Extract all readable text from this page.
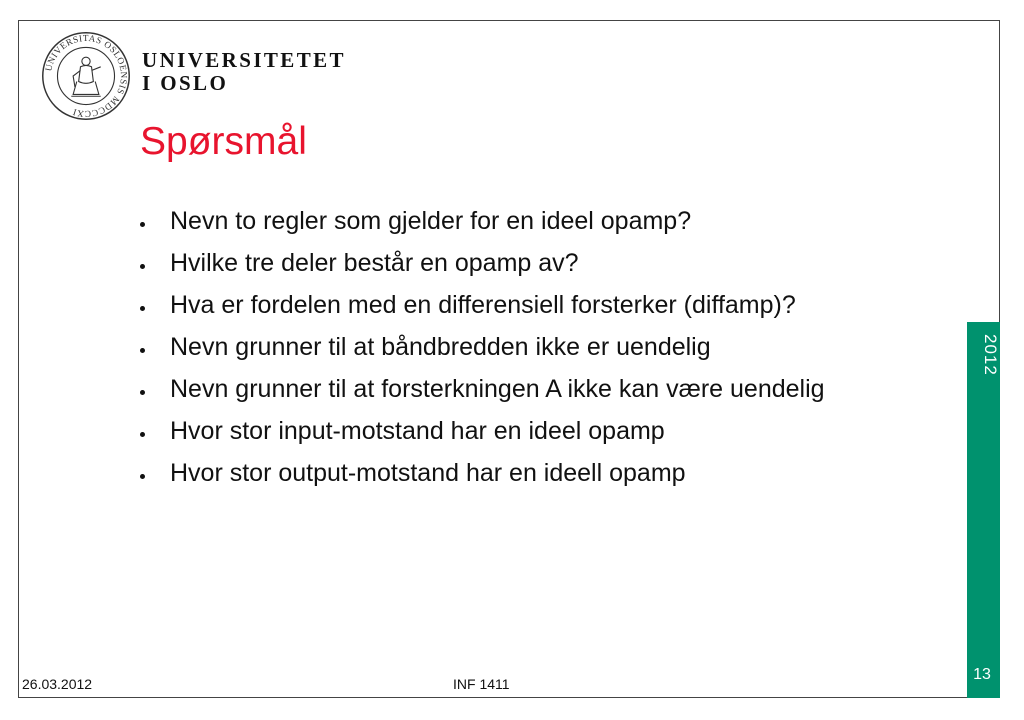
UNIVERSITAS OSLOENSIS MDCCCXI
UNIVERSITETET
I OSLO
Spørsmål
Nevn to regler som gjelder for en ideel opamp?
Hvilke tre deler består en opamp av?
Hva er fordelen med en differensiell forsterker (diffamp)?
Nevn grunner til at båndbredden ikke er uendelig
Nevn grunner til at forsterkningen A ikke kan være uendelig
Hvor stor input-motstand har en ideel opamp
Hvor stor output-motstand har en ideell opamp
2012
13
26.03.2012	INF 1411
